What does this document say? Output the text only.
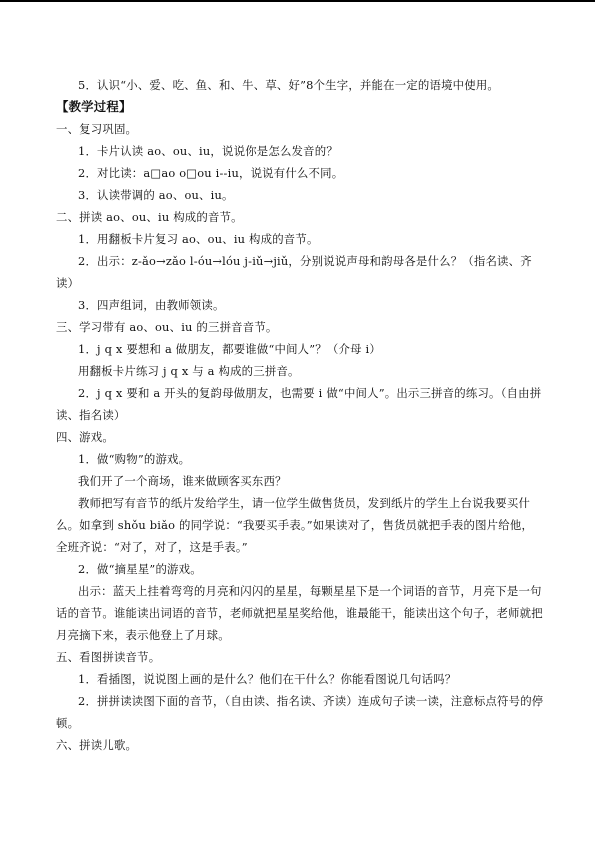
5．认识“小、爱、吃、鱼、和、牛、草、好”8个生字，并能在一定的语境中使用。

【教学过程】

一、复习巩固。

1．卡片认读 ao、ou、iu，说说你是怎么发音的？

2．对比读：a□ao o□ou i--iu，说说有什么不同。

3．认读带调的 ao、ou、iu。

二、拼读 ao、ou、iu 构成的音节。

1．用翻板卡片复习 ao、ou、iu 构成的音节。

2．出示：z-ǎo→zǎo l-óu→lóu j-iǔ→jiǔ，分别说说声母和韵母各是什么？（指名读、齐读）

3．四声组词，由教师领读。

三、学习带有 ao、ou、iu 的三拼音音节。

1．j q x 要想和 a 做朋友，都要谁做“中间人”？（介母 i）

用翻板卡片练习 j q x 与 a 构成的三拼音。

2．j q x 要和 a 开头的复韵母做朋友，也需要 i 做“中间人”。出示三拼音的练习。（自由拼读、指名读）

四、游戏。

1．做“购物”的游戏。

我们开了一个商场，谁来做顾客买东西？

教师把写有音节的纸片发给学生，请一位学生做售货员，发到纸片的学生上台说我要买什么。如拿到 shǒu biǎo 的同学说：“我要买手表。”如果读对了，售货员就把手表的图片给他，全班齐说：“对了，对了，这是手表。”

2．做“摘星星”的游戏。

出示：蓝天上挂着弯弯的月亮和闪闪的星星，每颗星星下是一个词语的音节，月亮下是一句话的音节。谁能读出词语的音节，老师就把星星奖给他，谁最能干，能读出这个句子，老师就把月亮摘下来，表示他登上了月球。

五、看图拼读音节。

1．看插图，说说图上画的是什么？他们在干什么？你能看图说几句话吗？

2．拼拼读读图下面的音节，（自由读、指名读、齐读）连成句子读一读，注意标点符号的停顿。

六、拼读儿歌。
